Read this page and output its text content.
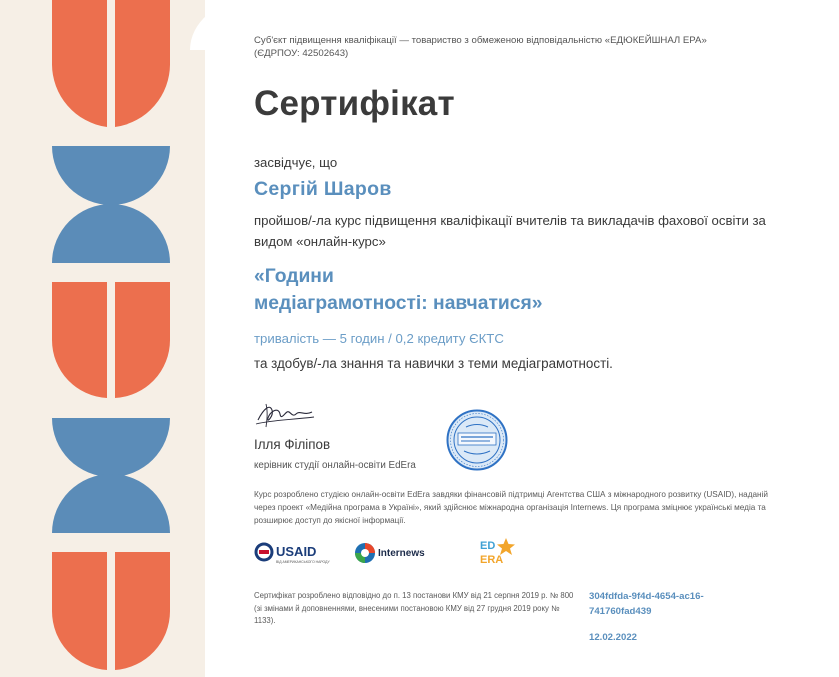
Суб'єкт підвищення кваліфікації — товариство з обмеженою відповідальністю «ЕДЮКЕЙШНАЛ ЕРА» (ЄДРПОУ: 42502643)

Сертифікат

засвідчує, що

Сергій Шаров

пройшов/-ла курс підвищення кваліфікації вчителів та викладачів фахової освіти за видом «онлайн-курс»

«Години
медіаграмотності: навчатися»

тривалість — 5 годин / 0,2 кредиту ЄКТС

та здобув/-ла знання та навички з теми медіаграмотності.

Ілля Філіпов

керівник студії онлайн-освіти EdEra

Курс розроблено студією онлайн-освіти EdEra завдяки фінансовій підтримці Агентства США з міжнародного розвитку (USAID), наданій через проект «Медійна програма в Україні», який здійснює міжнародна організація Internews. Ця програма зміцнює українські медіа та розширює доступ до якісної інформації.

USAID
ВІД АМЕРИКАНСЬКОГО НАРОДУ
Internews
ED
ERA

Сертифікат розроблено відповідно до п. 13 постанови КМУ від 21 серпня 2019 р. № 800 (зі змінами й доповненнями, внесеними постановою КМУ від 27 грудня 2019 року № 1133).

304fdfda-9f4d-4654-ac16-741760fad439

12.02.2022
